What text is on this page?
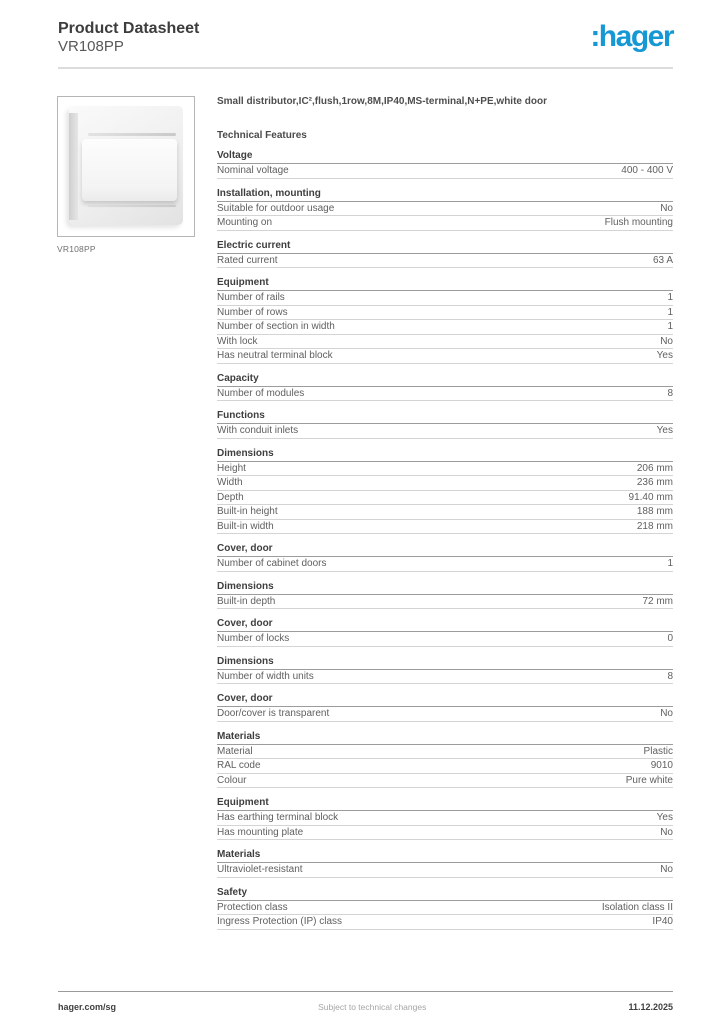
Product Datasheet
VR108PP	:hager
VR108PP
Small distributor,IC²,flush,1row,8M,IP40,MS-terminal,N+PE,white door
Technical Features
Voltage
Nominal voltage	400 - 400 V
Installation, mounting
Suitable for outdoor usage	No
Mounting on	Flush mounting
Electric current
Rated current	63 A
Equipment
Number of rails	1
Number of rows	1
Number of section in width	1
With lock	No
Has neutral terminal block	Yes
Capacity
Number of modules	8
Functions
With conduit inlets	Yes
Dimensions
Height	206 mm
Width	236 mm
Depth	91.40 mm
Built-in height	188 mm
Built-in width	218 mm
Cover, door
Number of cabinet doors	1
Dimensions
Built-in depth	72 mm
Cover, door
Number of locks	0
Dimensions
Number of width units	8
Cover, door
Door/cover is transparent	No
Materials
Material	Plastic
RAL code	9010
Colour	Pure white
Equipment
Has earthing terminal block	Yes
Has mounting plate	No
Materials
Ultraviolet-resistant	No
Safety
Protection class	Isolation class II
Ingress Protection (IP) class	IP40
hager.com/sg	Subject to technical changes	11.12.2025
